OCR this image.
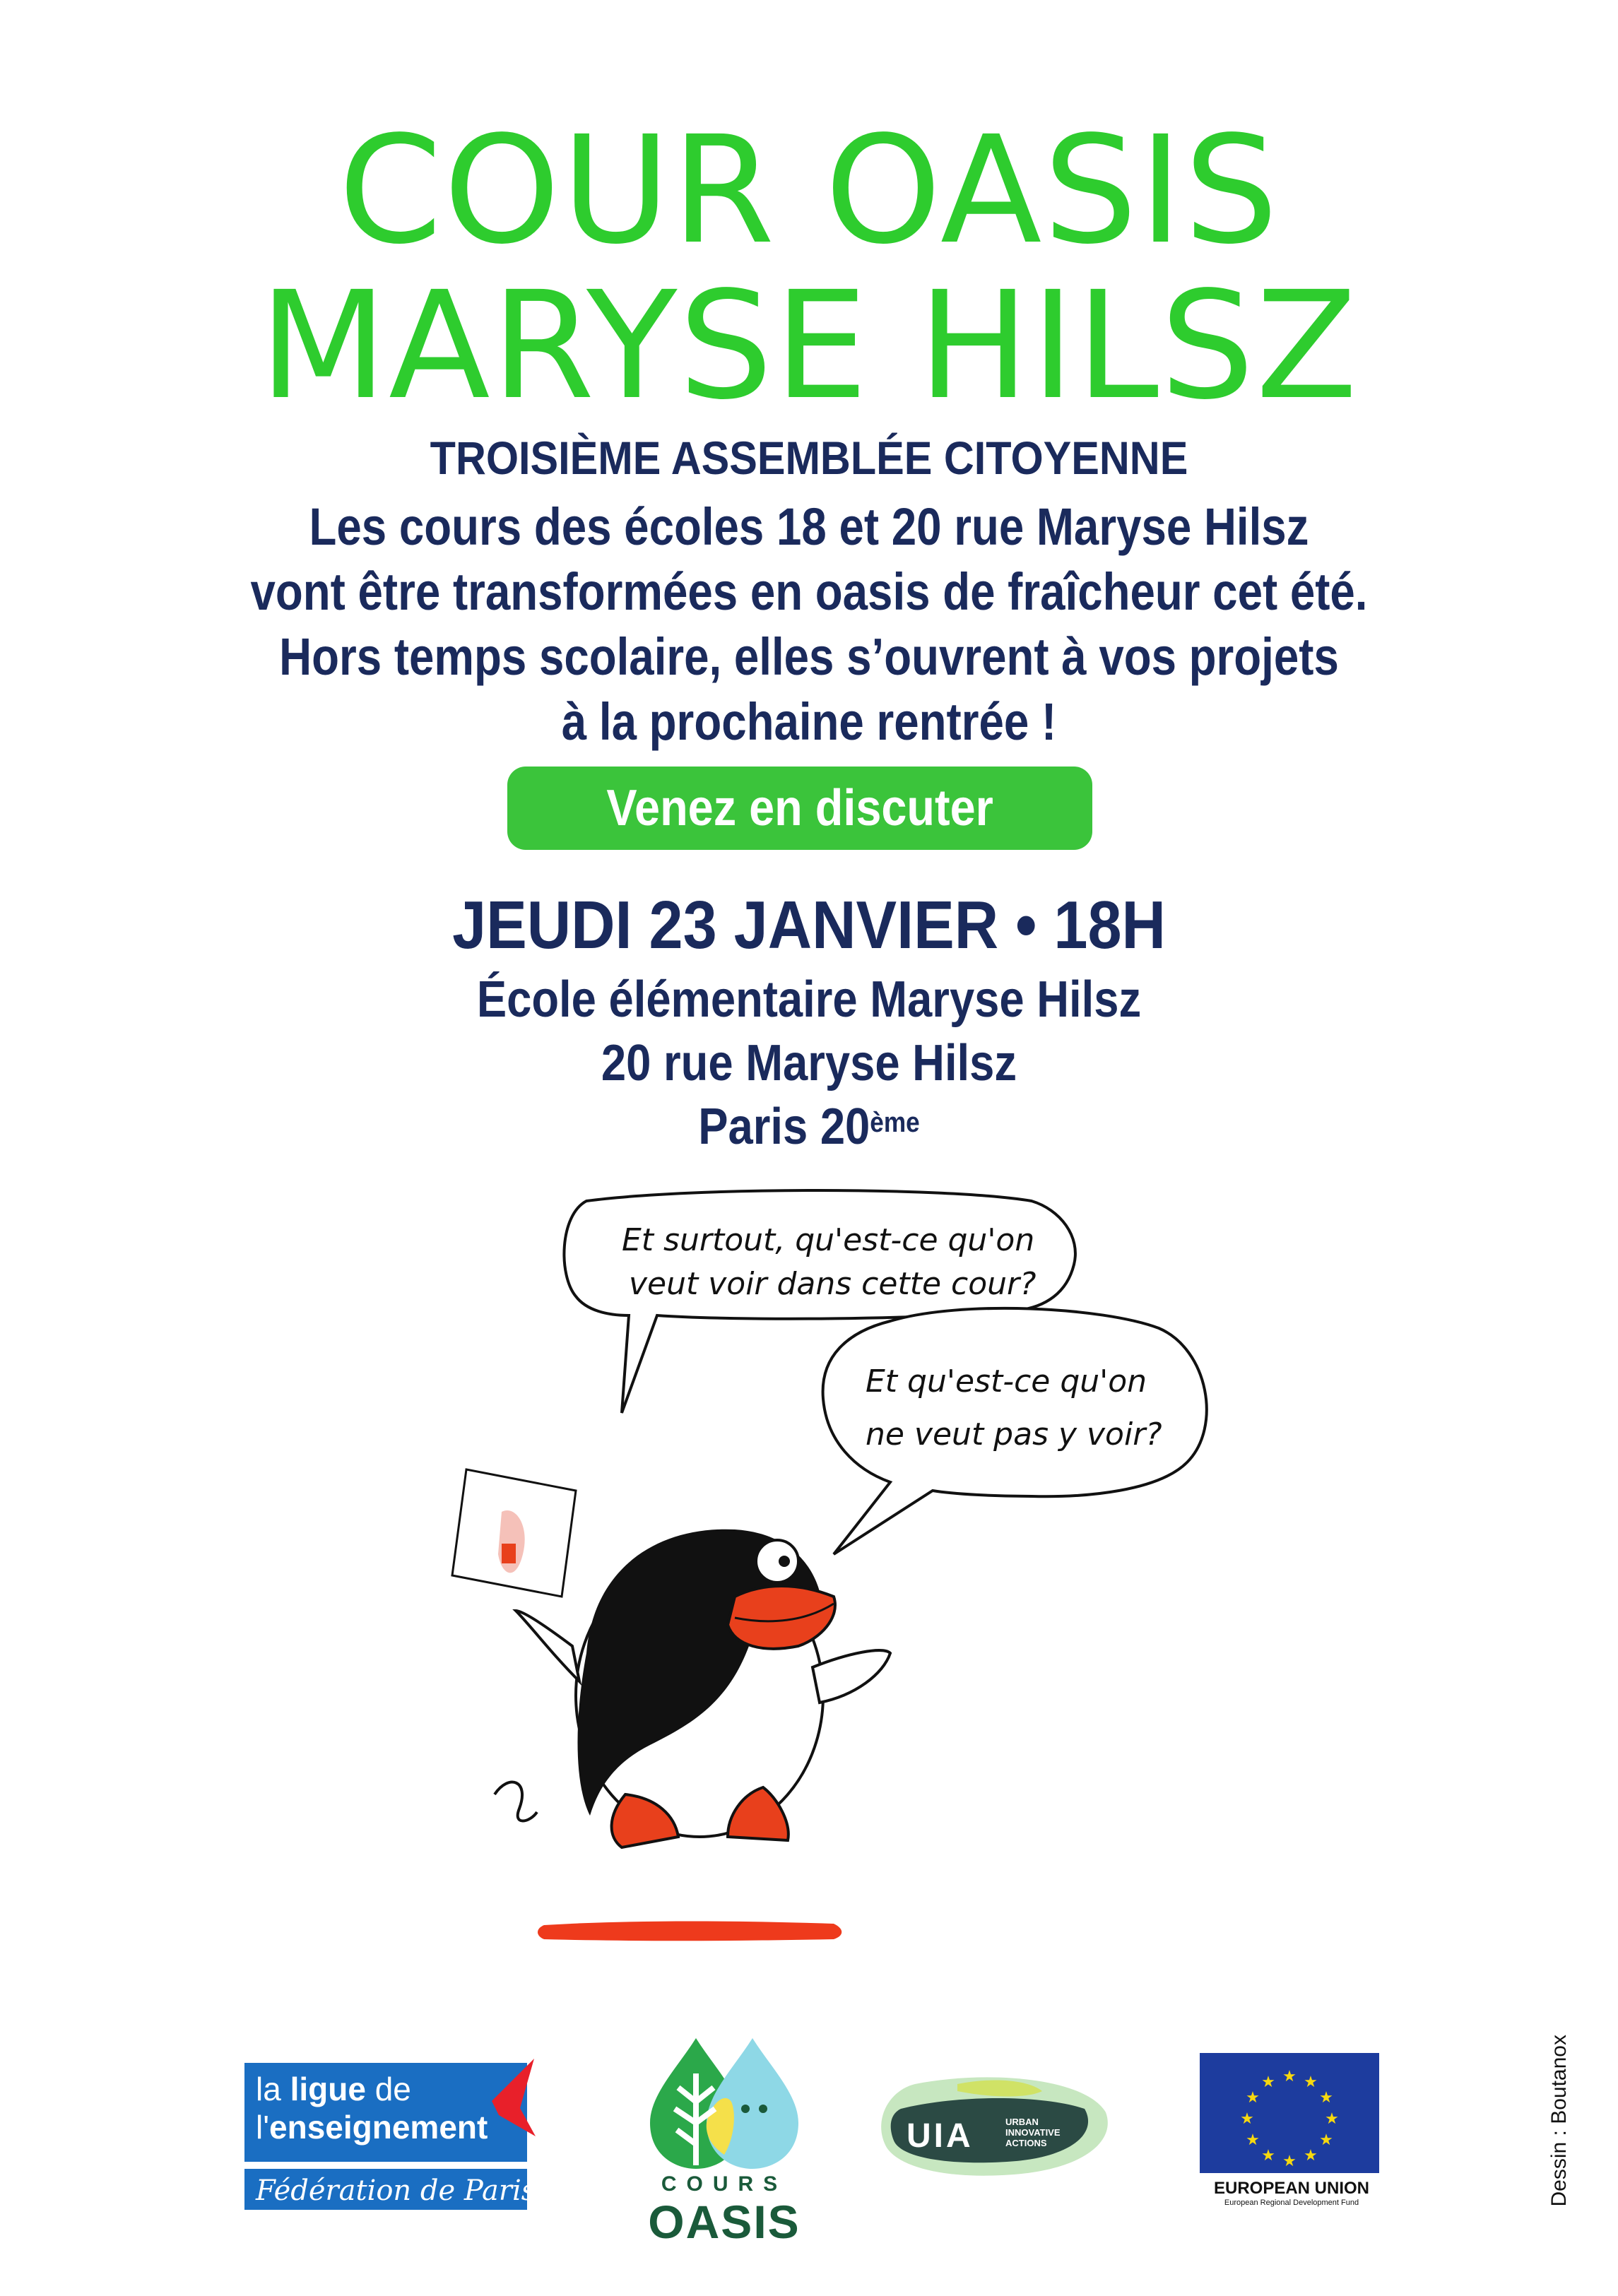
COUR OASIS
MARYSE HILSZ
TROISIÈME ASSEMBLÉE CITOYENNE
Les cours des écoles 18 et 20 rue Maryse Hilsz
vont être transformées en oasis de fraîcheur cet été.
Hors temps scolaire, elles s’ouvrent à vos projets
à la prochaine rentrée !
Venez en discuter
JEUDI 23 JANVIER • 18H
École élémentaire Maryse Hilsz
20 rue Maryse Hilsz
Paris 20ème
Et surtout, qu'est-ce qu'on
veut voir dans cette cour?
Et qu'est-ce qu'on
ne veut pas y voir?
Dessin : Boutanox
la ligue de
l'enseignement
Fédération de Paris	COURS
OASIS
UIA	URBAN
INNOVATIVE
ACTIONS
★ ★
★
★
★
★
★
★
★
★
★
★
EUROPEAN UNION
European Regional Development Fund
